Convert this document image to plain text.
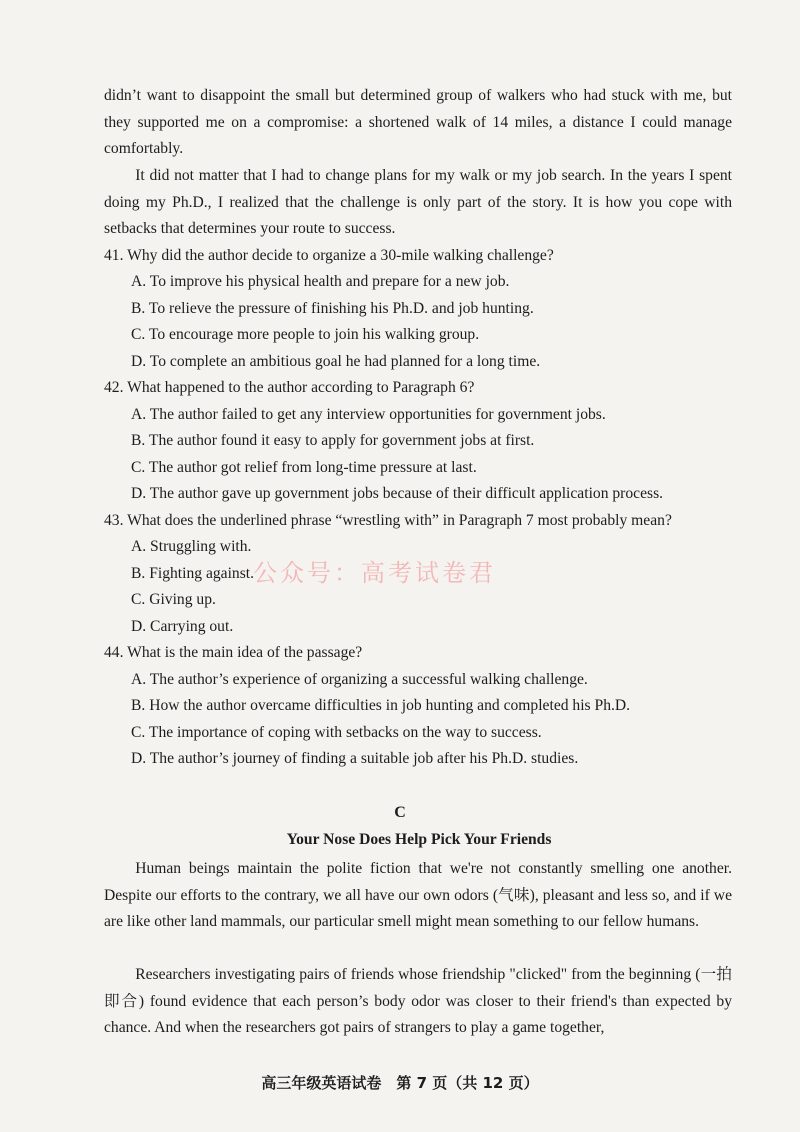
didn’t want to disappoint the small but determined group of walkers who had stuck with me, but they supported me on a compromise: a shortened walk of 14 miles, a distance I could manage comfortably.

It did not matter that I had to change plans for my walk or my job search. In the years I spent doing my Ph.D., I realized that the challenge is only part of the story. It is how you cope with setbacks that determines your route to success.

41. Why did the author decide to organize a 30-mile walking challenge?

A. To improve his physical health and prepare for a new job.

B. To relieve the pressure of finishing his Ph.D. and job hunting.

C. To encourage more people to join his walking group.

D. To complete an ambitious goal he had planned for a long time.

42. What happened to the author according to Paragraph 6?

A. The author failed to get any interview opportunities for government jobs.

B. The author found it easy to apply for government jobs at first.

C. The author got relief from long-time pressure at last.

D. The author gave up government jobs because of their difficult application process.

43. What does the underlined phrase “wrestling with” in Paragraph 7 most probably mean?

A. Struggling with.

B. Fighting against.

C. Giving up.

D. Carrying out.

44. What is the main idea of the passage?

A. The author’s experience of organizing a successful walking challenge.

B. How the author overcame difficulties in job hunting and completed his Ph.D.

C. The importance of coping with setbacks on the way to success.

D. The author’s journey of finding a suitable job after his Ph.D. studies.

C

Your Nose Does Help Pick Your Friends

Human beings maintain the polite fiction that we're not constantly smelling one another. Despite our efforts to the contrary, we all have our own odors (气味), pleasant and less so, and if we are like other land mammals, our particular smell might mean something to our fellow humans.

Researchers investigating pairs of friends whose friendship "clicked" from the beginning (一拍即合) found evidence that each person’s body odor was closer to their friend's than expected by chance. And when the researchers got pairs of strangers to play a game together,

公众号：高考试卷君
高三年级英语试卷　第 7 页（共 12 页）
